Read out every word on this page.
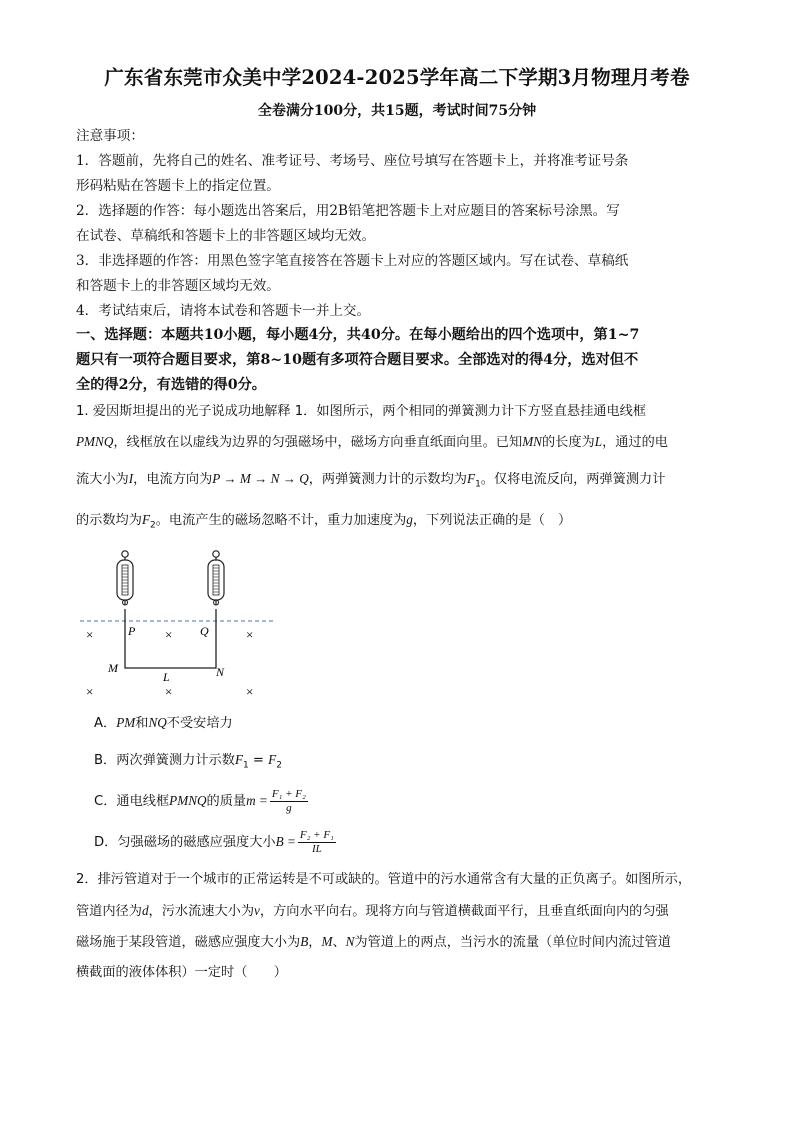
广东省东莞市众美中学2024-2025学年高二下学期3月物理月考卷
全卷满分100分，共15题，考试时间75分钟
注意事项：
1．答题前，先将自己的姓名、准考证号、考场号、座位号填写在答题卡上，并将准考证号条
形码粘贴在答题卡上的指定位置。
2．选择题的作答：每小题选出答案后，用2B铅笔把答题卡上对应题目的答案标号涂黑。写
在试卷、草稿纸和答题卡上的非答题区域均无效。
3．非选择题的作答：用黑色签字笔直接答在答题卡上对应的答题区域内。写在试卷、草稿纸
和答题卡上的非答题区域均无效。
4．考试结束后，请将本试卷和答题卡一并上交。
一、选择题：本题共10小题，每小题4分，共40分。在每小题给出的四个选项中，第1~7
题只有一项符合题目要求，第8~10题有多项符合题目要求。全部选对的得4分，选对但不
全的得2分，有选错的得0分。
1. 爱因斯坦提出的光子说成功地解释 1．如图所示，两个相同的弹簧测力计下方竖直悬挂通电线框
PMNQ，线框放在以虚线为边界的匀强磁场中，磁场方向垂直纸面向里。已知MN的长度为L，通过的电
流大小为I，电流方向为P → M → N → Q，两弹簧测力计的示数均为$F_1$。仅将电流反向，两弹簧测力计
的示数均为$F_2$。电流产生的磁场忽略不计，重力加速度为g，下列说法正确的是（　）
P	Q
M	N
L
×	×	×
×	×	×
A．PM和NQ不受安培力
B．两次弹簧测力计示数$F_1 = F_2$
C．通电线框PMNQ的质量$m = \frac{\text{F₁ + F₂}}{g}$
D．匀强磁场的磁感应强度大小$B = \frac{\text{F₂ + F₁}}{IL}$
2．排污管道对于一个城市的正常运转是不可或缺的。管道中的污水通常含有大量的正负离子。如图所示，
管道内径为d，污水流速大小为v，方向水平向右。现将方向与管道横截面平行，且垂直纸面向内的匀强
磁场施于某段管道，磁感应强度大小为B，M、N为管道上的两点，当污水的流量（单位时间内流过管道
横截面的液体体积）一定时（　　）
